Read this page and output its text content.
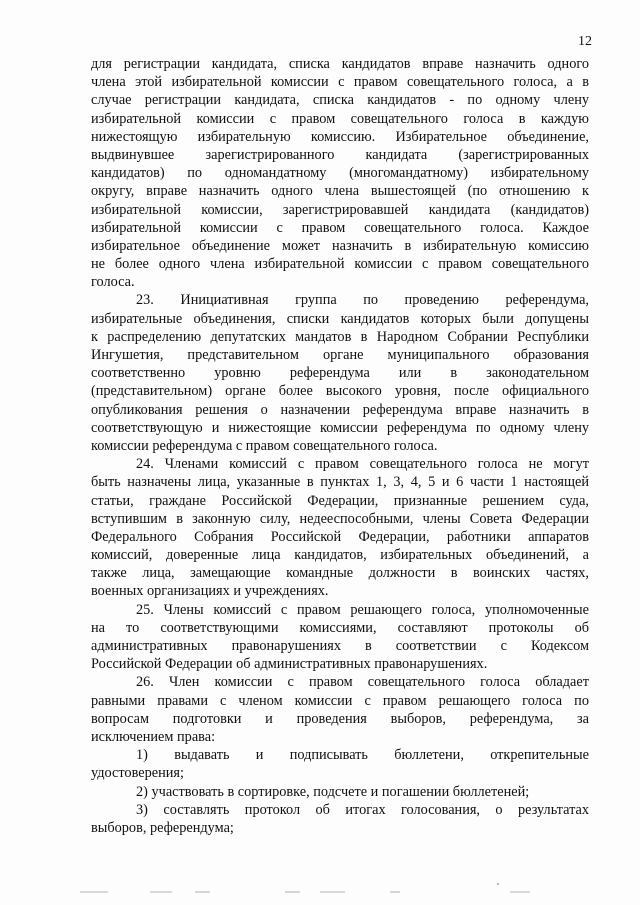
12
для регистрации кандидата, списка кандидатов вправе назначить одного
члена этой избирательной комиссии с правом совещательного голоса, а в
случае регистрации кандидата, списка кандидатов - по одному члену
избирательной комиссии с правом совещательного голоса в каждую
нижестоящую избирательную комиссию. Избирательное объединение,
выдвинувшее зарегистрированного кандидата (зарегистрированных
кандидатов) по одномандатному (многомандатному) избирательному
округу, вправе назначить одного члена вышестоящей (по отношению к
избирательной комиссии, зарегистрировавшей кандидата (кандидатов)
избирательной комиссии с правом совещательного голоса. Каждое
избирательное объединение может назначить в избирательную комиссию
не более одного члена избирательной комиссии с правом совещательного
голоса.
23. Инициативная группа по проведению референдума,
избирательные объединения, списки кандидатов которых были допущены
к распределению депутатских мандатов в Народном Собрании Республики
Ингушетия, представительном органе муниципального образования
соответственно уровню референдума или в законодательном
(представительном) органе более высокого уровня, после официального
опубликования решения о назначении референдума вправе назначить в
соответствующую и нижестоящие комиссии референдума по одному члену
комиссии референдума с правом совещательного голоса.
24. Членами комиссий с правом совещательного голоса не могут
быть назначены лица, указанные в пунктах 1, 3, 4, 5 и 6 части 1 настоящей
статьи, граждане Российской Федерации, признанные решением суда,
вступившим в законную силу, недееспособными, члены Совета Федерации
Федерального Собрания Российской Федерации, работники аппаратов
комиссий, доверенные лица кандидатов, избирательных объединений, а
также лица, замещающие командные должности в воинских частях,
военных организациях и учреждениях.
25. Члены комиссий с правом решающего голоса, уполномоченные
на то соответствующими комиссиями, составляют протоколы об
административных правонарушениях в соответствии с Кодексом
Российской Федерации об административных правонарушениях.
26. Член комиссии с правом совещательного голоса обладает
равными правами с членом комиссии с правом решающего голоса по
вопросам подготовки и проведения выборов, референдума, за
исключением права:
1) выдавать и подписывать бюллетени, открепительные
удостоверения;
2) участвовать в сортировке, подсчете и погашении бюллетеней;
3) составлять протокол об итогах голосования, о результатах
выборов, референдума;
